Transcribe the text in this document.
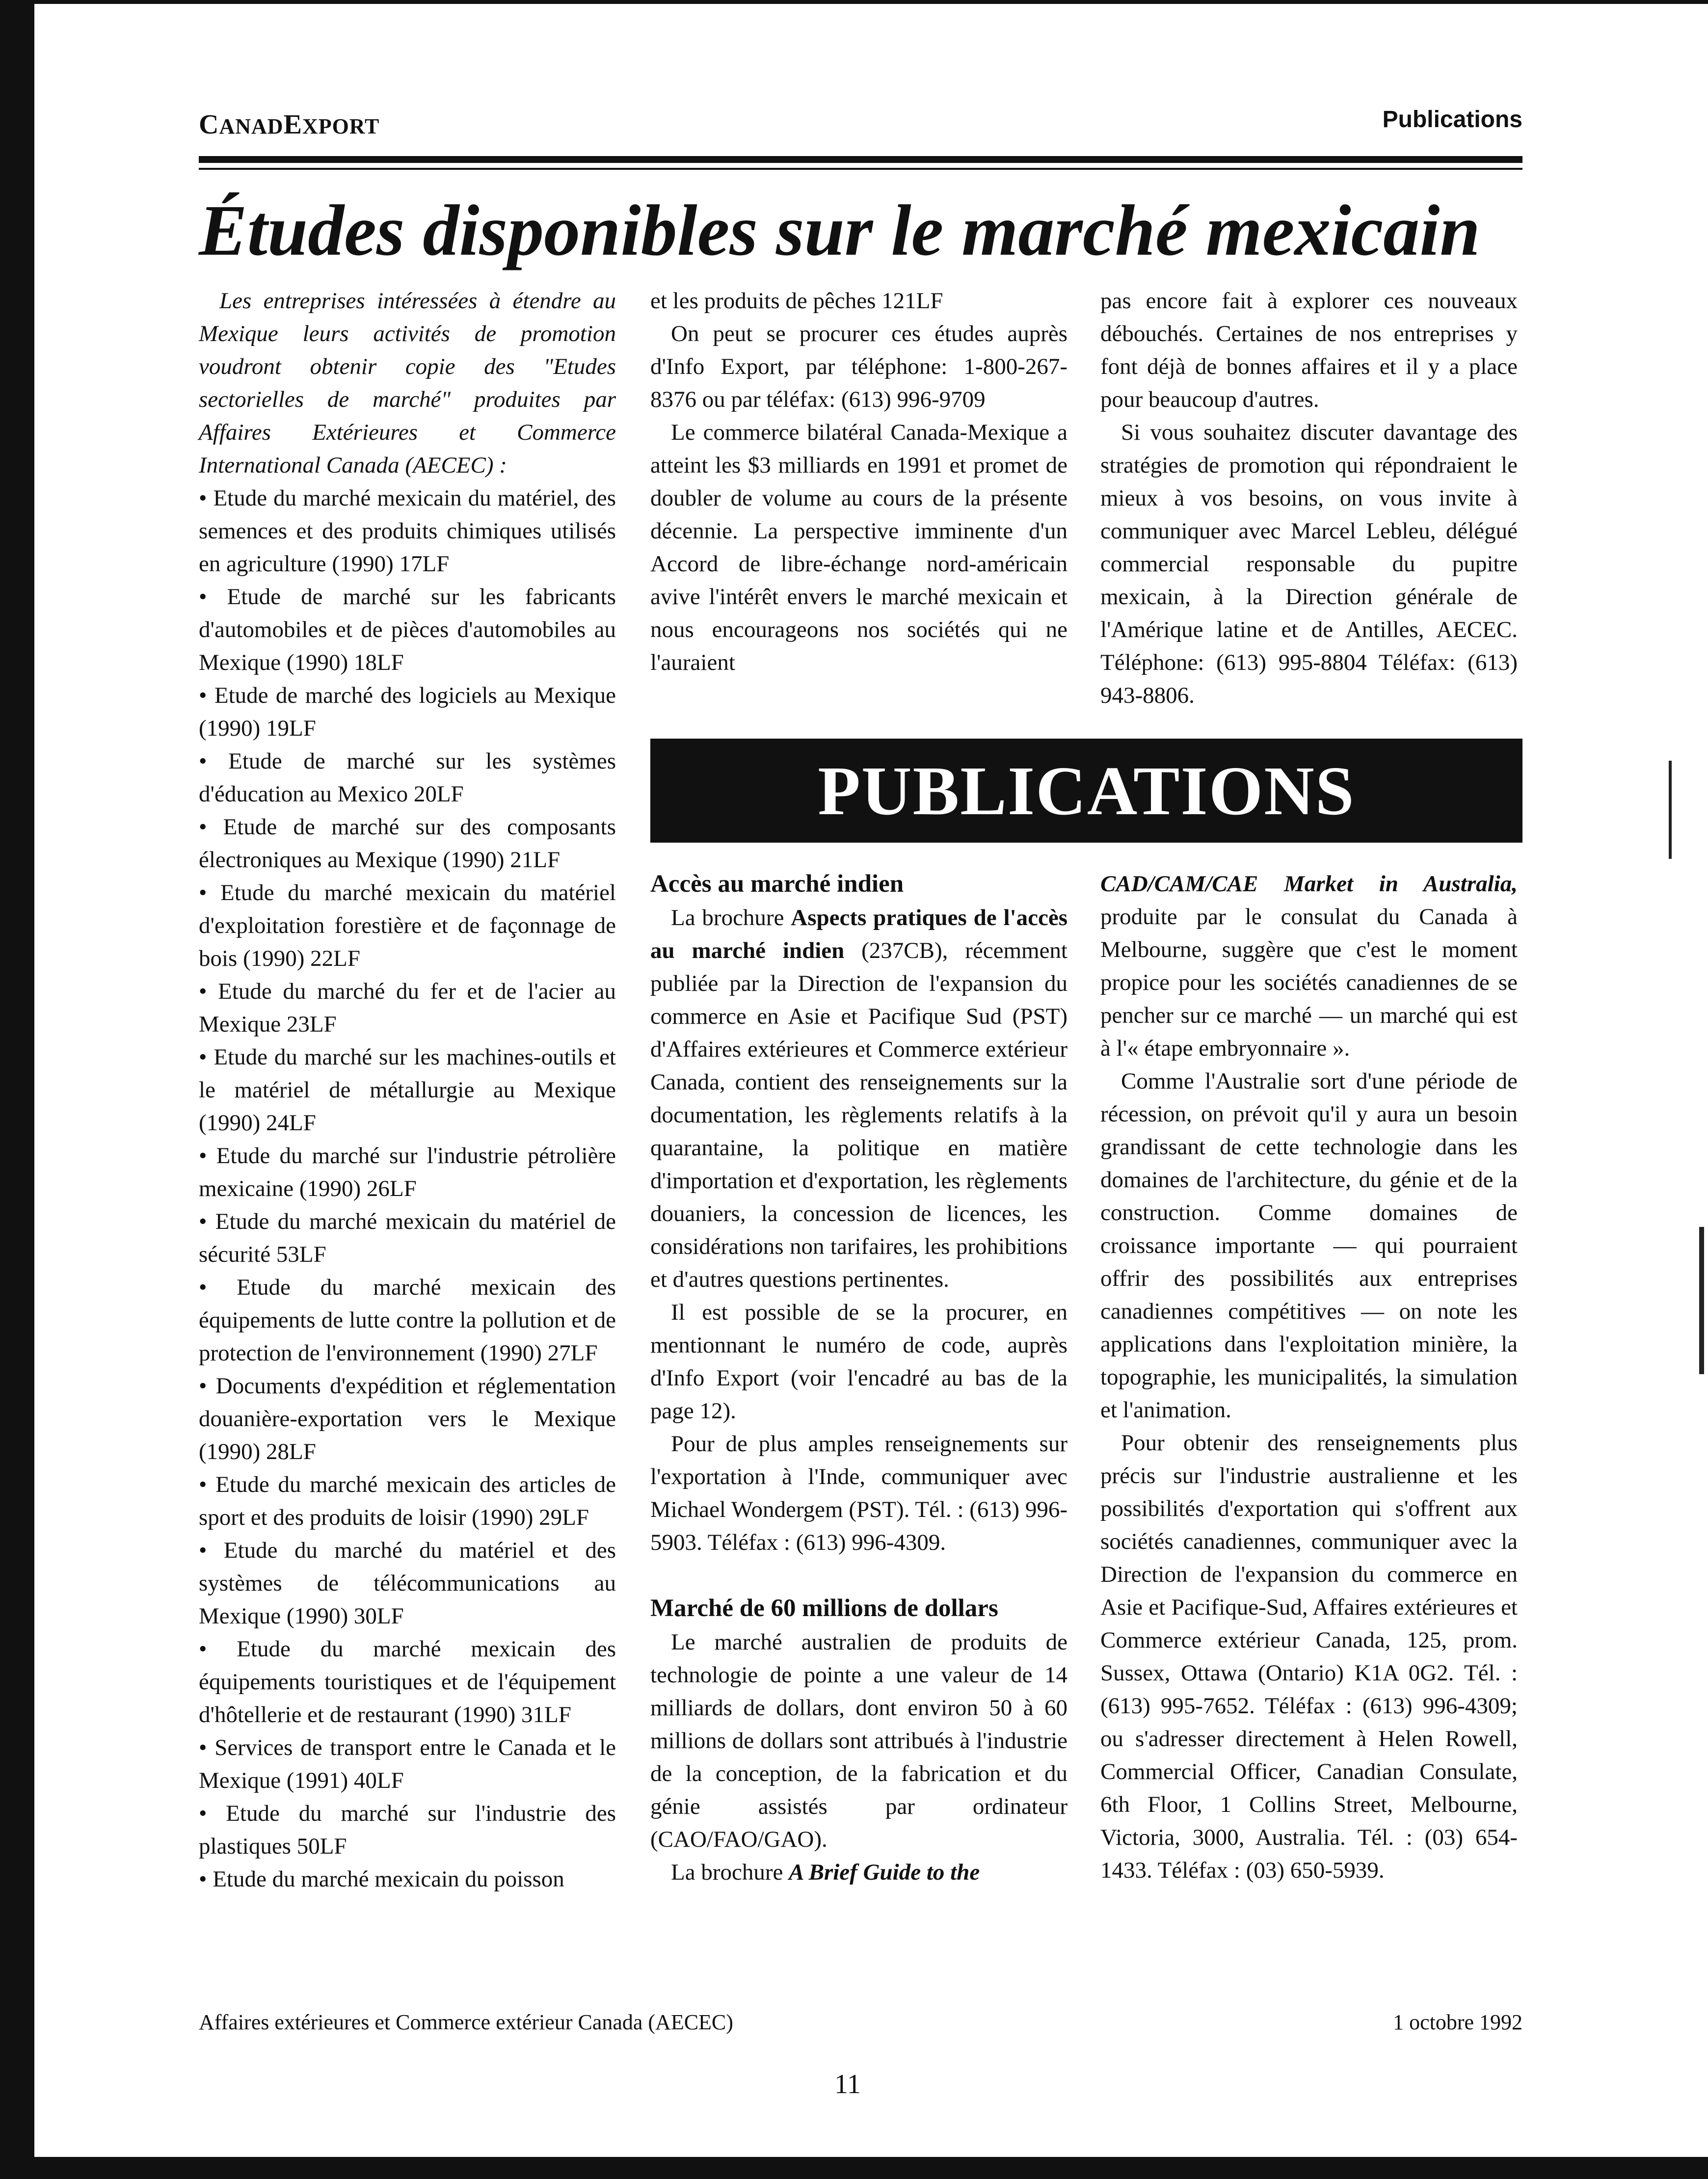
CANADEXPORT	Publications
Études disponibles sur le marché mexicain

Les entreprises intéressées à étendre au Mexique leurs activités de promotion voudront obtenir copie des "Etudes sectorielles de marché" produites par Affaires Extérieures et Commerce International Canada (AECEC) :

• Etude du marché mexicain du matériel, des semences et des produits chimiques utilisés en agriculture (1990) 17LF

• Etude de marché sur les fabricants d'automobiles et de pièces d'automobiles au Mexique (1990) 18LF

• Etude de marché des logiciels au Mexique (1990) 19LF

• Etude de marché sur les systèmes d'éducation au Mexico 20LF

• Etude de marché sur des composants électroniques au Mexique (1990) 21LF

• Etude du marché mexicain du matériel d'exploitation forestière et de façonnage de bois (1990) 22LF

• Etude du marché du fer et de l'acier au Mexique 23LF

• Etude du marché sur les machines-outils et le matériel de métallurgie au Mexique (1990) 24LF

• Etude du marché sur l'industrie pétrolière mexicaine (1990) 26LF

• Etude du marché mexicain du matériel de sécurité 53LF

• Etude du marché mexicain des équipements de lutte contre la pollution et de protection de l'environnement (1990) 27LF

• Documents d'expédition et réglementation douanière-exportation vers le Mexique (1990) 28LF

• Etude du marché mexicain des articles de sport et des produits de loisir (1990) 29LF

• Etude du marché du matériel et des systèmes de télécommunications au Mexique (1990) 30LF

• Etude du marché mexicain des équipements touristiques et de l'équipement d'hôtellerie et de restaurant (1990) 31LF

• Services de transport entre le Canada et le Mexique (1991) 40LF

• Etude du marché sur l'industrie des plastiques 50LF

• Etude du marché mexicain du poisson

et les produits de pêches 121LF

On peut se procurer ces études auprès d'Info Export, par téléphone: 1-800-267-8376 ou par téléfax: (613) 996-9709

Le commerce bilatéral Canada-Mexique a atteint les $3 milliards en 1991 et promet de doubler de volume au cours de la présente décennie. La perspective imminente d'un Accord de libre-échange nord-américain avive l'intérêt envers le marché mexicain et nous encourageons nos sociétés qui ne l'auraient

pas encore fait à explorer ces nouveaux débouchés. Certaines de nos entreprises y font déjà de bonnes affaires et il y a place pour beaucoup d'autres.

Si vous souhaitez discuter davantage des stratégies de promotion qui répondraient le mieux à vos besoins, on vous invite à communiquer avec Marcel Lebleu, délégué commercial responsable du pupitre mexicain, à la Direction générale de l'Amérique latine et de Antilles, AECEC. Téléphone: (613) 995-8804 Téléfax: (613) 943-8806.

PUBLICATIONS
Accès au marché indien

La brochure Aspects pratiques de l'accès au marché indien (237CB), récemment publiée par la Direction de l'expansion du commerce en Asie et Pacifique Sud (PST) d'Affaires extérieures et Commerce extérieur Canada, contient des renseignements sur la documentation, les règlements relatifs à la quarantaine, la politique en matière d'importation et d'exportation, les règlements douaniers, la concession de licences, les considérations non tarifaires, les prohibitions et d'autres questions pertinentes.

Il est possible de se la procurer, en mentionnant le numéro de code, auprès d'Info Export (voir l'encadré au bas de la page 12).

Pour de plus amples renseignements sur l'exportation à l'Inde, communiquer avec Michael Wondergem (PST). Tél. : (613) 996-5903. Téléfax : (613) 996-4309.

Marché de 60 millions de dollars

Le marché australien de produits de technologie de pointe a une valeur de 14 milliards de dollars, dont environ 50 à 60 millions de dollars sont attribués à l'industrie de la conception, de la fabrication et du génie assistés par ordinateur (CAO/FAO/GAO).

La brochure A Brief Guide to the

CAD/CAM/CAE Market in Australia, produite par le consulat du Canada à Melbourne, suggère que c'est le moment propice pour les sociétés canadiennes de se pencher sur ce marché — un marché qui est à l'« étape embryonnaire ».

Comme l'Australie sort d'une période de récession, on prévoit qu'il y aura un besoin grandissant de cette technologie dans les domaines de l'architecture, du génie et de la construction. Comme domaines de croissance importante — qui pourraient offrir des possibilités aux entreprises canadiennes compétitives — on note les applications dans l'exploitation minière, la topographie, les municipalités, la simulation et l'animation.

Pour obtenir des renseignements plus précis sur l'industrie australienne et les possibilités d'exportation qui s'offrent aux sociétés canadiennes, communiquer avec la Direction de l'expansion du commerce en Asie et Pacifique-Sud, Affaires extérieures et Commerce extérieur Canada, 125, prom. Sussex, Ottawa (Ontario) K1A 0G2. Tél. : (613) 995-7652. Téléfax : (613) 996-4309; ou s'adresser directement à Helen Rowell, Commercial Officer, Canadian Consulate, 6th Floor, 1 Collins Street, Melbourne, Victoria, 3000, Australia. Tél. : (03) 654-1433. Téléfax : (03) 650-5939.

Affaires extérieures et Commerce extérieur Canada (AECEC)	1 octobre 1992
11
